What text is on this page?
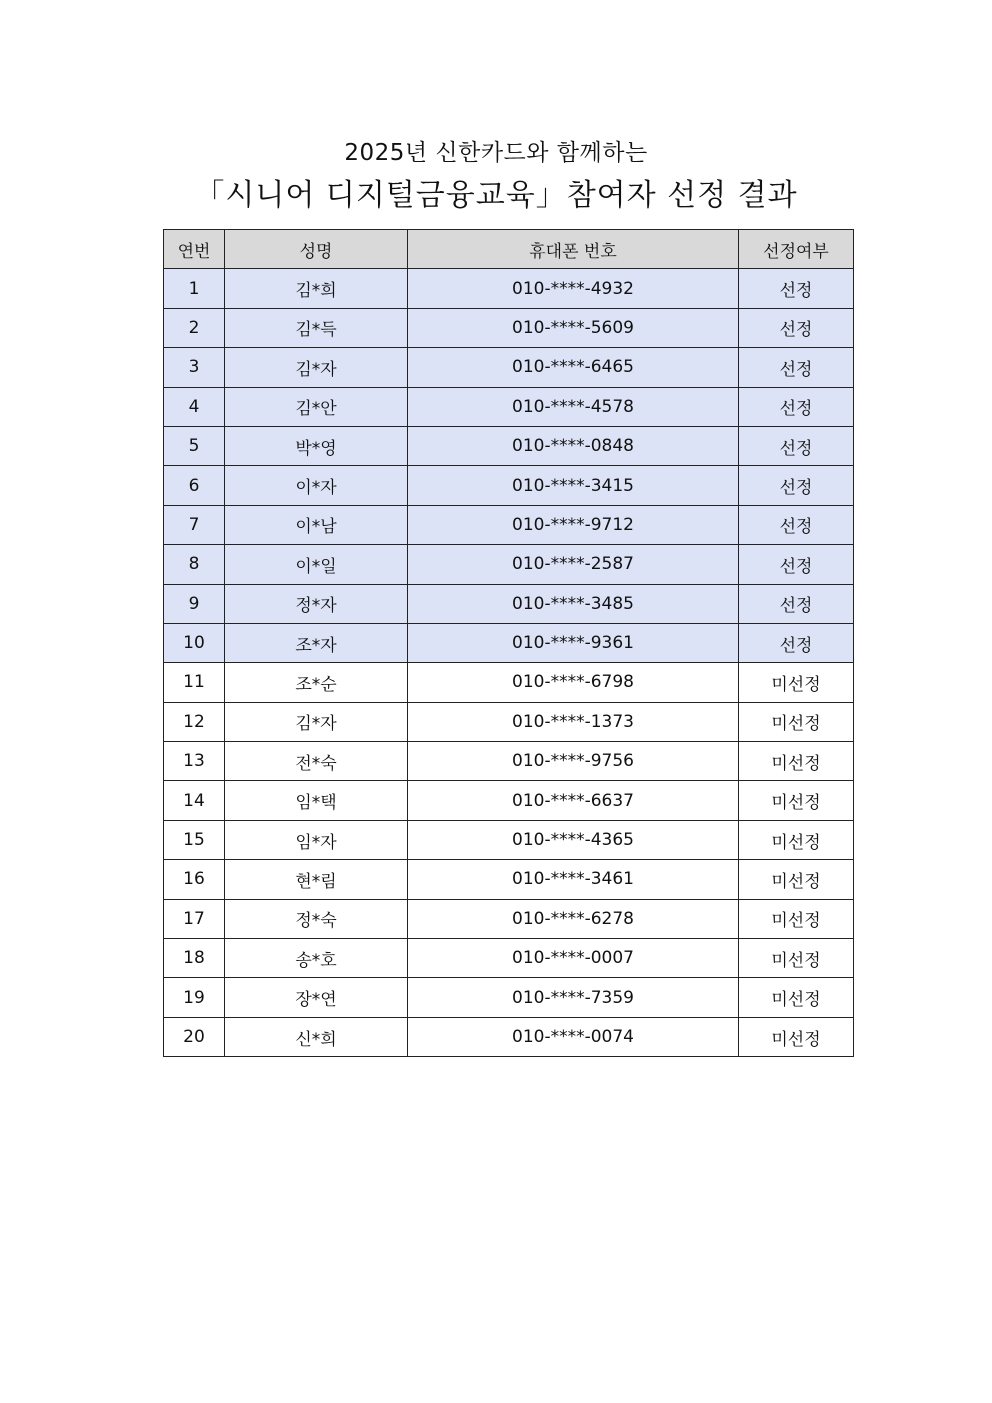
2025년 신한카드와 함께하는
「시니어 디지털금융교육」참여자 선정 결과
연번	성명	휴대폰 번호	선정여부
1	김*희	010-****-4932	선정
2	김*득	010-****-5609	선정
3	김*자	010-****-6465	선정
4	김*안	010-****-4578	선정
5	박*영	010-****-0848	선정
6	이*자	010-****-3415	선정
7	이*남	010-****-9712	선정
8	이*일	010-****-2587	선정
9	정*자	010-****-3485	선정
10	조*자	010-****-9361	선정
11	조*순	010-****-6798	미선정
12	김*자	010-****-1373	미선정
13	전*숙	010-****-9756	미선정
14	임*택	010-****-6637	미선정
15	임*자	010-****-4365	미선정
16	현*림	010-****-3461	미선정
17	정*숙	010-****-6278	미선정
18	송*호	010-****-0007	미선정
19	장*연	010-****-7359	미선정
20	신*희	010-****-0074	미선정
